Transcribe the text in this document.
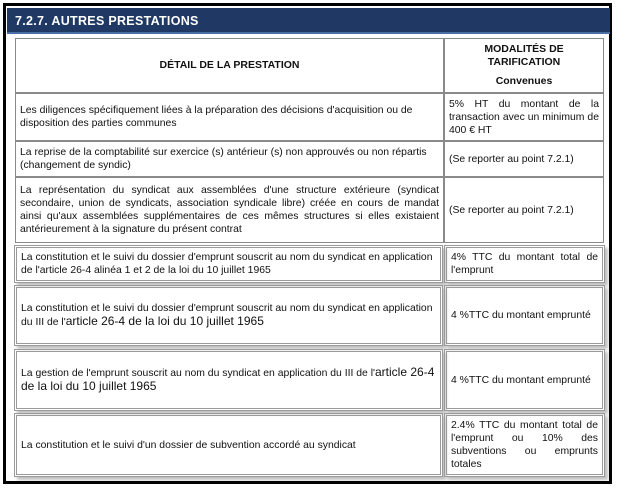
7.2.7. AUTRES PRESTATIONS
DÉTAIL DE LA PRESTATION
MODALITÉS DE TARIFICATION
Convenues
Les diligences spécifiquement liées à la préparation des décisions d'acquisition ou de disposition des parties communes
5% HT du montant de la transaction avec un minimum de 400 € HT
La reprise de la comptabilité sur exercice (s) antérieur (s) non approuvés ou non répartis (changement de syndic)
(Se reporter au point 7.2.1)
La représentation du syndicat aux assemblées d'une structure extérieure (syndicat secondaire, union de syndicats, association syndicale libre) créée en cours de mandat ainsi qu'aux assemblées supplémentaires de ces mêmes structures si elles existaient antérieurement à la signature du présent contrat
(Se reporter au point 7.2.1)
La constitution et le suivi du dossier d'emprunt souscrit au nom du syndicat en application de l'article 26-4 alinéa 1 et 2 de la loi du 10 juillet 1965
4% TTC du montant total de l'emprunt
La constitution et le suivi du dossier d'emprunt souscrit au nom du syndicat en application du III de l'article 26-4 de la loi du 10 juillet 1965	4 %TTC du montant emprunté
La gestion de l'emprunt souscrit au nom du syndicat en application du III de l'article 26-4 de la loi du 10 juillet 1965	4 %TTC du montant emprunté
La constitution et le suivi d'un dossier de subvention accordé au syndicat
2.4% TTC du montant total de l'emprunt ou 10% des subventions ou emprunts totales
